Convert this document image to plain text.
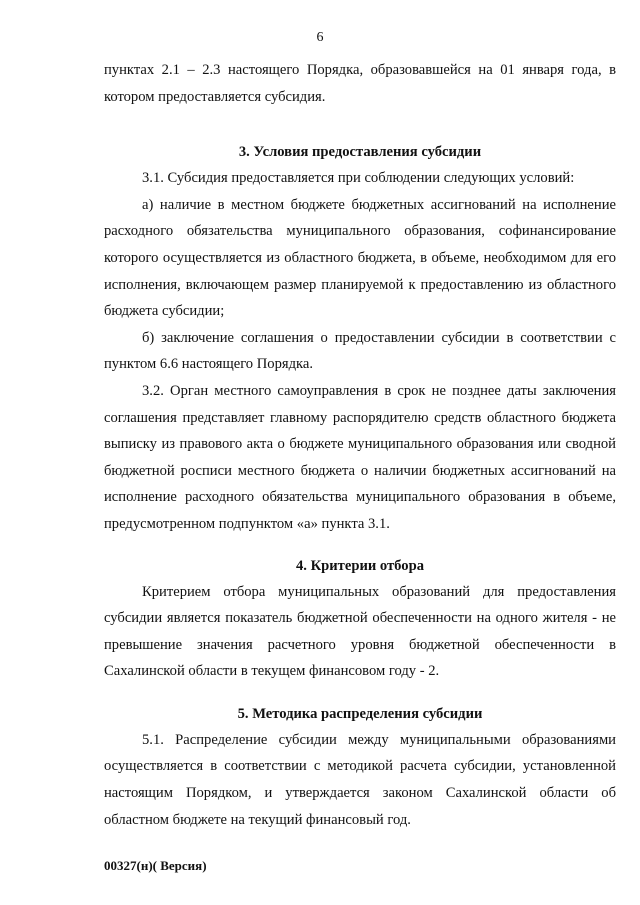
6

пунктах 2.1 – 2.3 настоящего Порядка, образовавшейся на 01 января года, в котором предоставляется субсидия.

3. Условия предоставления субсидии

3.1. Субсидия предоставляется при соблюдении следующих условий:

а) наличие в местном бюджете бюджетных ассигнований на исполнение расходного обязательства муниципального образования, софинансирование которого осуществляется из областного бюджета, в объеме, необходимом для его исполнения, включающем размер планируемой к предоставлению из областного бюджета субсидии;

б) заключение соглашения о предоставлении субсидии в соответствии с пунктом 6.6 настоящего Порядка.

3.2. Орган местного самоуправления в срок не позднее даты заключения соглашения представляет главному распорядителю средств областного бюджета выписку из правового акта о бюджете муниципального образования или сводной бюджетной росписи местного бюджета о наличии бюджетных ассигнований на исполнение расходного обязательства муниципального образования в объеме, предусмотренном подпунктом «а» пункта 3.1.

4. Критерии отбора

Критерием отбора муниципальных образований для предоставления субсидии является показатель бюджетной обеспеченности на одного жителя - не превышение значения расчетного уровня бюджетной обеспеченности в Сахалинской области в текущем финансовом году - 2.

5. Методика распределения субсидии

5.1. Распределение субсидии между муниципальными образованиями осуществляется в соответствии с методикой расчета субсидии, установленной настоящим Порядком, и утверждается законом Сахалинской области об областном бюджете на текущий финансовый год.

00327(н)( Версия)
